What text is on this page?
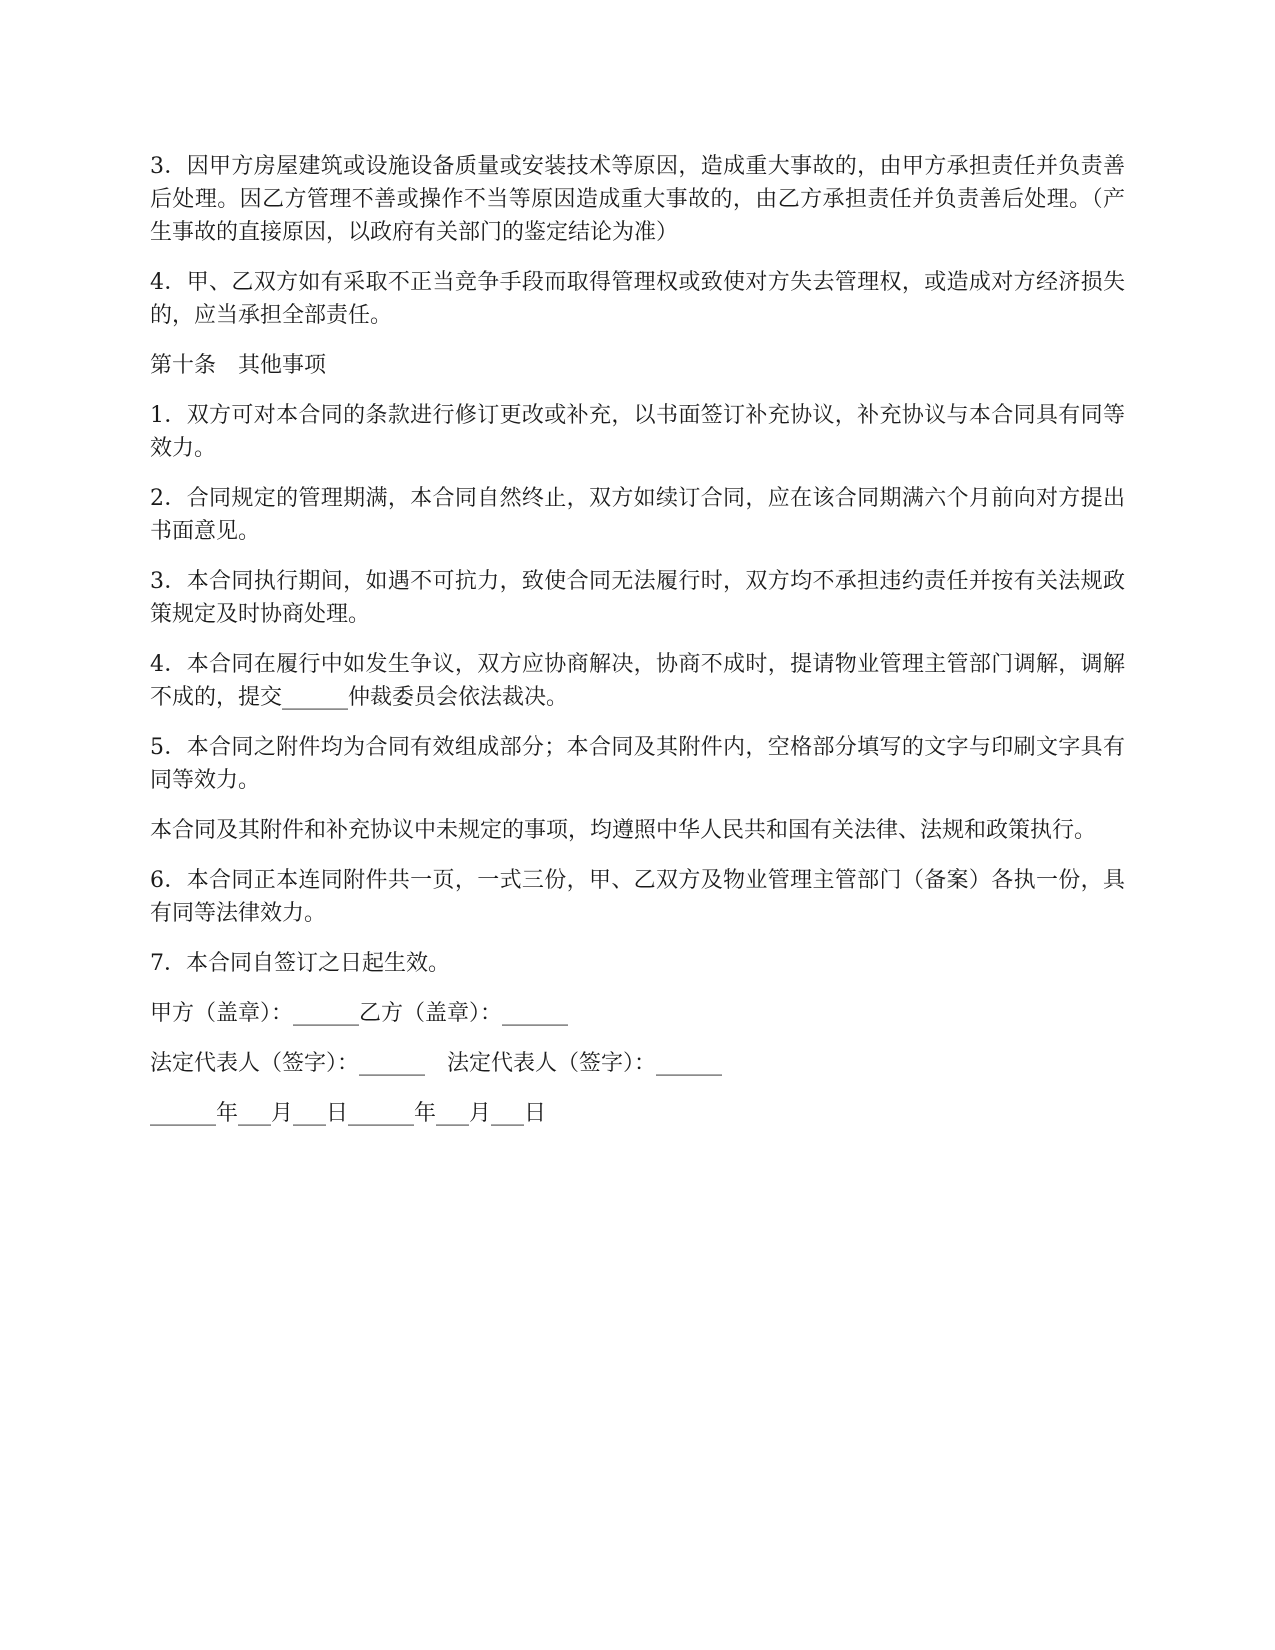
3．因甲方房屋建筑或设施设备质量或安装技术等原因，造成重大事故的，由甲方承担责任并负责善后处理。因乙方管理不善或操作不当等原因造成重大事故的，由乙方承担责任并负责善后处理。（产生事故的直接原因，以政府有关部门的鉴定结论为准）

4．甲、乙双方如有采取不正当竞争手段而取得管理权或致使对方失去管理权，或造成对方经济损失的，应当承担全部责任。

第十条　其他事项

1．双方可对本合同的条款进行修订更改或补充，以书面签订补充协议，补充协议与本合同具有同等效力。

2．合同规定的管理期满，本合同自然终止，双方如续订合同，应在该合同期满六个月前向对方提出书面意见。

3．本合同执行期间，如遇不可抗力，致使合同无法履行时，双方均不承担违约责任并按有关法规政策规定及时协商处理。

4．本合同在履行中如发生争议，双方应协商解决，协商不成时，提请物业管理主管部门调解，调解不成的，提交______仲裁委员会依法裁决。

5．本合同之附件均为合同有效组成部分；本合同及其附件内，空格部分填写的文字与印刷文字具有同等效力。

本合同及其附件和补充协议中未规定的事项，均遵照中华人民共和国有关法律、法规和政策执行。

6．本合同正本连同附件共一页，一式三份，甲、乙双方及物业管理主管部门（备案）各执一份，具有同等法律效力。

7．本合同自签订之日起生效。

甲方（盖章）：______乙方（盖章）：______
法定代表人（签字）：______　法定代表人（签字）：______
______年___月___日______年___月___日
